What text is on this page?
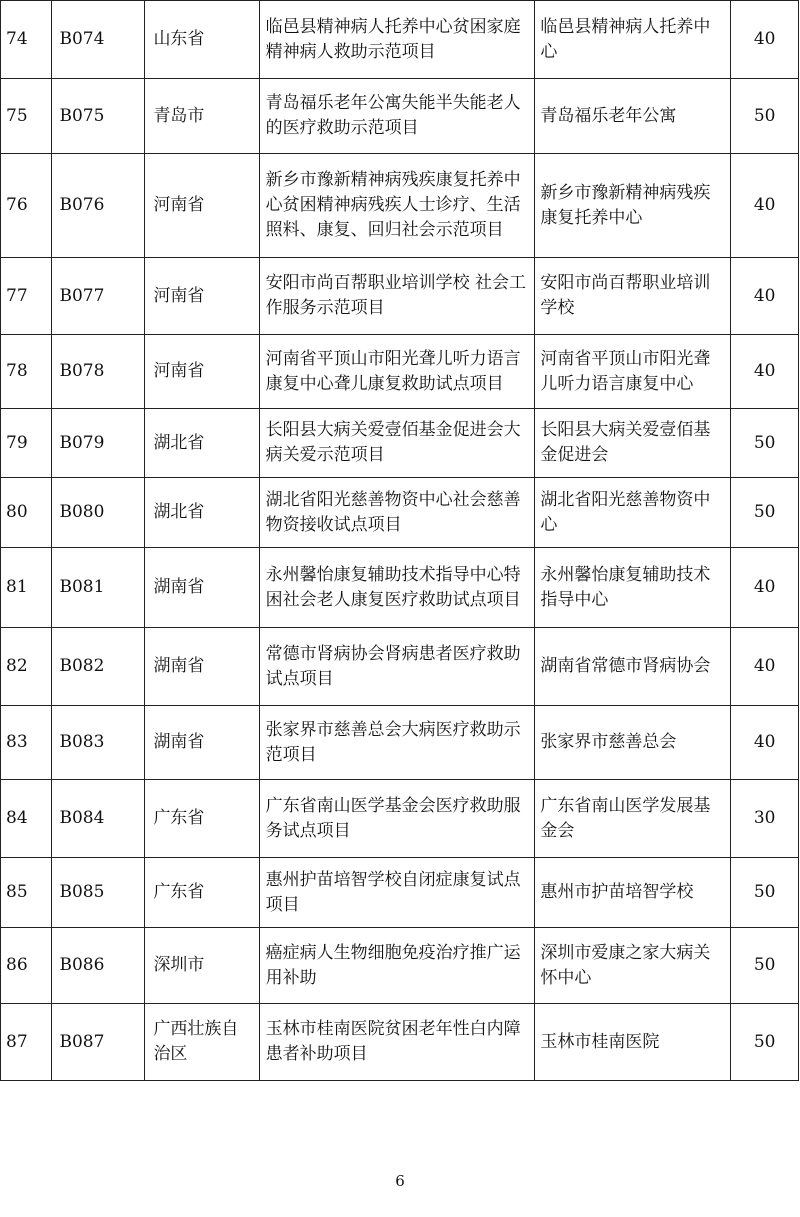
74	B074	山东省	临邑县精神病人托养中心贫困家庭精神病人救助示范项目	临邑县精神病人托养中心	40
75	B075	青岛市	青岛福乐老年公寓失能半失能老人的医疗救助示范项目	青岛福乐老年公寓	50
76	B076	河南省	新乡市豫新精神病残疾康复托养中心贫困精神病残疾人士诊疗、生活照料、康复、回归社会示范项目	新乡市豫新精神病残疾康复托养中心	40
77	B077	河南省	安阳市尚百帮职业培训学校 社会工作服务示范项目	安阳市尚百帮职业培训学校	40
78	B078	河南省	河南省平顶山市阳光聋儿听力语言康复中心聋儿康复救助试点项目	河南省平顶山市阳光聋儿听力语言康复中心	40
79	B079	湖北省	长阳县大病关爱壹佰基金促进会大病关爱示范项目	长阳县大病关爱壹佰基金促进会	50
80	B080	湖北省	湖北省阳光慈善物资中心社会慈善物资接收试点项目	湖北省阳光慈善物资中心	50
81	B081	湖南省	永州馨怡康复辅助技术指导中心特困社会老人康复医疗救助试点项目	永州馨怡康复辅助技术指导中心	40
82	B082	湖南省	常德市肾病协会肾病患者医疗救助试点项目	湖南省常德市肾病协会	40
83	B083	湖南省	张家界市慈善总会大病医疗救助示范项目	张家界市慈善总会	40
84	B084	广东省	广东省南山医学基金会医疗救助服务试点项目	广东省南山医学发展基金会	30
85	B085	广东省	惠州护苗培智学校自闭症康复试点项目	惠州市护苗培智学校	50
86	B086	深圳市	癌症病人生物细胞免疫治疗推广运用补助	深圳市爱康之家大病关怀中心	50
87	B087	广西壮族自治区	玉林市桂南医院贫困老年性白内障患者补助项目	玉林市桂南医院	50
6
